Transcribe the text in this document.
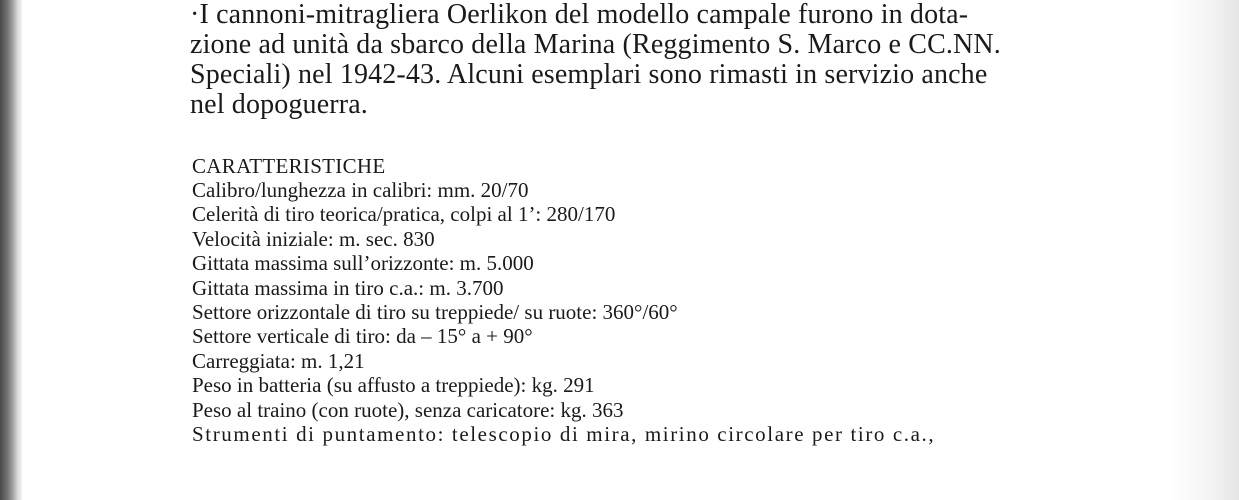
·I cannoni-mitragliera Oerlikon del modello campale furono in dota-
zione ad unità da sbarco della Marina (Reggimento S. Marco e CC.NN.
Speciali) nel 1942-43. Alcuni esemplari sono rimasti in servizio anche
nel dopoguerra.
CARATTERISTICHE
Calibro/lunghezza in calibri: mm. 20/70
Celerità di tiro teorica/pratica, colpi al 1’: 280/170
Velocità iniziale: m. sec. 830
Gittata massima sull’orizzonte: m. 5.000
Gittata massima in tiro c.a.: m. 3.700
Settore orizzontale di tiro su treppiede/ su ruote: 360°/60°
Settore verticale di tiro: da – 15° a + 90°
Carreggiata: m. 1,21
Peso in batteria (su affusto a treppiede): kg. 291
Peso al traino (con ruote), senza caricatore: kg. 363
Strumenti di puntamento: telescopio di mira, mirino circolare per tiro c.a.,
